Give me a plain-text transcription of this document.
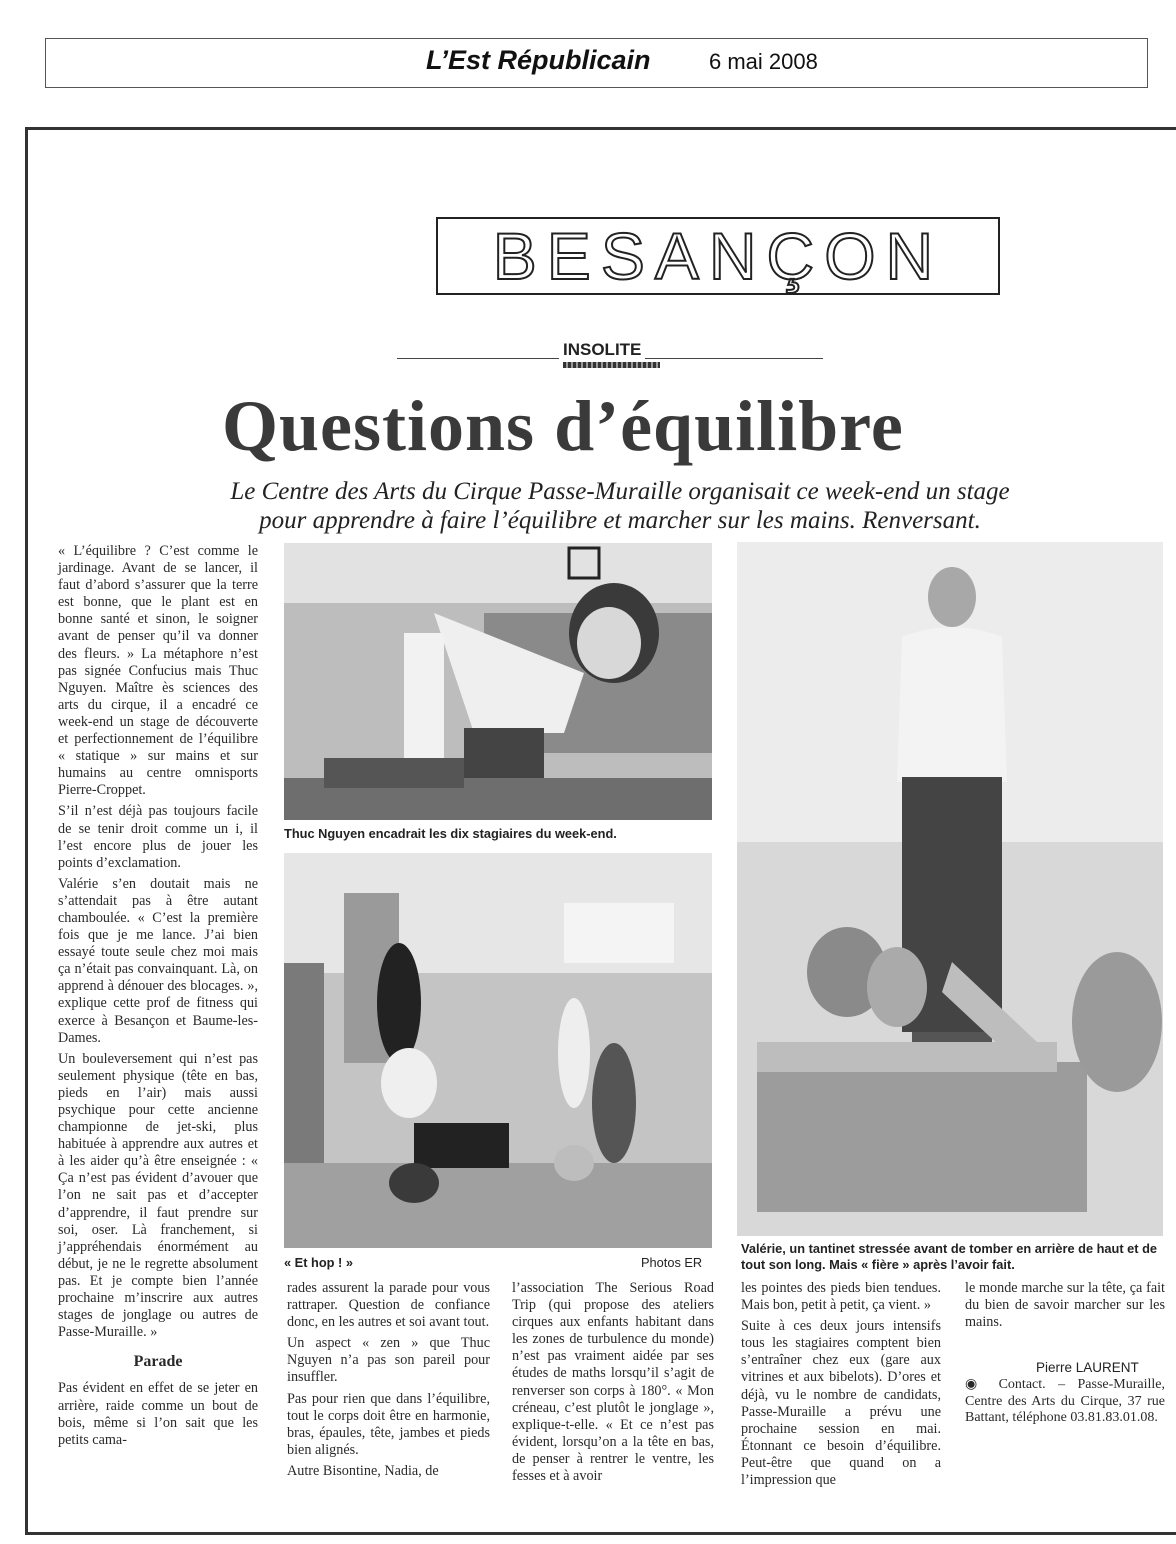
L’Est Républicain	6 mai 2008
BESANÇON
INSOLITE
Questions d’équilibre
Le Centre des Arts du Cirque Passe-Muraille organisait ce week-end un stage
pour apprendre à faire l’équilibre et marcher sur les mains. Renversant.
Thuc Nguyen encadrait les dix stagiaires du week-end.
« Et hop ! »	Photos ER
Valérie, un tantinet stressée avant de tomber en arrière de haut et de tout son long. Mais « fière » après l’avoir fait.

« L’équilibre ? C’est comme le jardinage. Avant de se lancer, il faut d’abord s’assurer que la terre est bonne, que le plant est en bonne santé et sinon, le soigner avant de penser qu’il va donner des fleurs. » La métaphore n’est pas signée Confucius mais Thuc Nguyen. Maître ès sciences des arts du cirque, il a encadré ce week-end un stage de découverte et perfectionnement de l’équilibre « statique » sur mains et sur humains au centre omnisports Pierre-Croppet.

S’il n’est déjà pas toujours facile de se tenir droit comme un i, il l’est encore plus de jouer les points d’exclamation.

Valérie s’en doutait mais ne s’attendait pas à être autant chamboulée. « C’est la première fois que je me lance. J’ai bien essayé toute seule chez moi mais ça n’était pas convainquant. Là, on apprend à dénouer des blocages. », explique cette prof de fitness qui exerce à Besançon et Baume-les-Dames.

Un bouleversement qui n’est pas seulement physique (tête en bas, pieds en l’air) mais aussi psychique pour cette ancienne championne de jet-ski, plus habituée à apprendre aux autres et à les aider qu’à être enseignée : « Ça n’est pas évident d’avouer que l’on ne sait pas et d’accepter d’apprendre, il faut prendre sur soi, oser. Là franchement, si j’appréhendais énormément au début, je ne le regrette absolument pas. Et je compte bien l’année prochaine m’inscrire aux autres stages de jonglage ou autres de Passe-Muraille. »

Parade

Pas évident en effet de se jeter en arrière, raide comme un bout de bois, même si l’on sait que les petits cama-

rades assurent la parade pour vous rattraper. Question de confiance donc, en les autres et soi avant tout.

Un aspect « zen » que Thuc Nguyen n’a pas son pareil pour insuffler.

Pas pour rien que dans l’équilibre, tout le corps doit être en harmonie, bras, épaules, tête, jambes et pieds bien alignés.

Autre Bisontine, Nadia, de

l’association The Serious Road Trip (qui propose des ateliers cirques aux enfants habitant dans les zones de turbulence du monde) n’est pas vraiment aidée par ses études de maths lorsqu’il s’agit de renverser son corps à 180°. « Mon créneau, c’est plutôt le jonglage », explique-t-elle. « Et ce n’est pas évident, lorsqu’on a la tête en bas, de penser à rentrer le ventre, les fesses et à avoir

les pointes des pieds bien tendues. Mais bon, petit à petit, ça vient. »

Suite à ces deux jours intensifs tous les stagiaires comptent bien s’entraîner chez eux (gare aux vitrines et aux bibelots). D’ores et déjà, vu le nombre de candidats, Passe-Muraille a prévu une prochaine session en mai. Étonnant ce besoin d’équilibre. Peut-être que quand on a l’impression que

le monde marche sur la tête, ça fait du bien de savoir marcher sur les mains.

Pierre LAURENT
◉ Contact. – Passe-Muraille, Centre des Arts du Cirque, 37 rue Battant, téléphone 03.81.83.01.08.
